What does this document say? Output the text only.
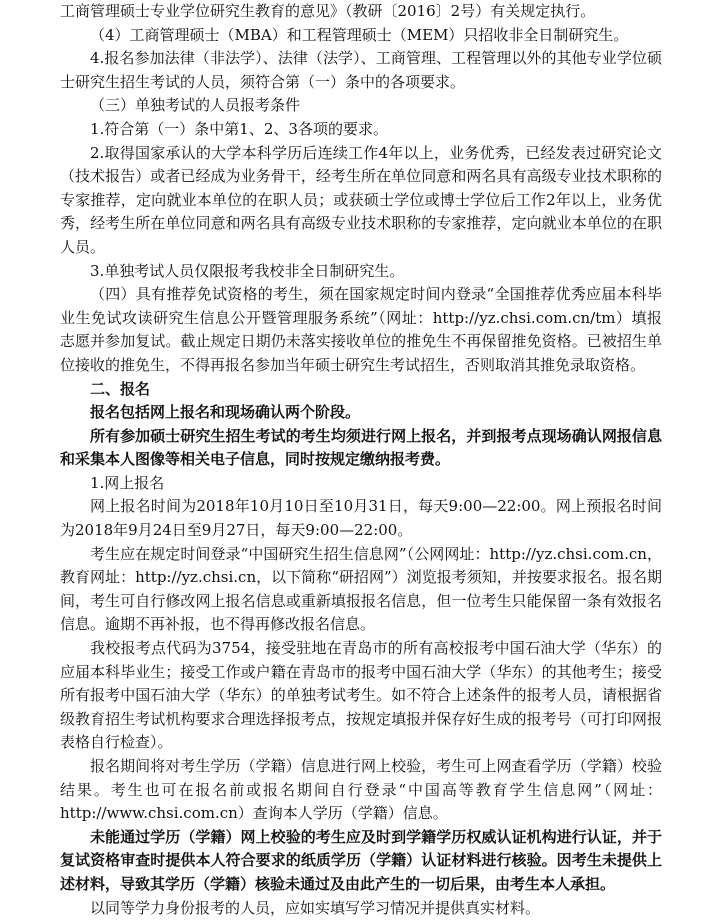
工商管理硕士专业学位研究生教育的意见》（教研〔2016〕2号）有关规定执行。

（4）工商管理硕士（MBA）和工程管理硕士（MEM）只招收非全日制研究生。

4.报名参加法律（非法学）、法律（法学）、工商管理、工程管理以外的其他专业学位硕士研究生招生考试的人员，须符合第（一）条中的各项要求。

（三）单独考试的人员报考条件

1.符合第（一）条中第1、2、3各项的要求。

2.取得国家承认的大学本科学历后连续工作4年以上，业务优秀，已经发表过研究论文（技术报告）或者已经成为业务骨干，经考生所在单位同意和两名具有高级专业技术职称的专家推荐，定向就业本单位的在职人员；或获硕士学位或博士学位后工作2年以上，业务优秀，经考生所在单位同意和两名具有高级专业技术职称的专家推荐，定向就业本单位的在职人员。

3.单独考试人员仅限报考我校非全日制研究生。

（四）具有推荐免试资格的考生，须在国家规定时间内登录“全国推荐优秀应届本科毕业生免试攻读研究生信息公开暨管理服务系统”（网址：http://yz.chsi.com.cn/tm）填报志愿并参加复试。截止规定日期仍未落实接收单位的推免生不再保留推免资格。已被招生单位接收的推免生，不得再报名参加当年硕士研究生考试招生，否则取消其推免录取资格。

二、报名

报名包括网上报名和现场确认两个阶段。

所有参加硕士研究生招生考试的考生均须进行网上报名，并到报考点现场确认网报信息和采集本人图像等相关电子信息，同时按规定缴纳报考费。

1.网上报名

网上报名时间为2018年10月10日至10月31日，每天9:00—22:00。网上预报名时间为2018年9月24日至9月27日，每天9:00—22:00。

考生应在规定时间登录“中国研究生招生信息网”（公网网址：http://yz.chsi.com.cn，教育网址：http://yz.chsi.cn，以下简称“研招网”）浏览报考须知，并按要求报名。报名期间，考生可自行修改网上报名信息或重新填报报名信息，但一位考生只能保留一条有效报名信息。逾期不再补报，也不得再修改报名信息。

我校报考点代码为3754，接受驻地在青岛市的所有高校报考中国石油大学（华东）的应届本科毕业生；接受工作或户籍在青岛市的报考中国石油大学（华东）的其他考生；接受所有报考中国石油大学（华东）的单独考试考生。如不符合上述条件的报考人员，请根据省级教育招生考试机构要求合理选择报考点，按规定填报并保存好生成的报考号（可打印网报表格自行检查）。

报名期间将对考生学历（学籍）信息进行网上校验，考生可上网查看学历（学籍）校验结果。考生也可在报名前或报名期间自行登录“中国高等教育学生信息网”（网址：http://www.chsi.com.cn）查询本人学历（学籍）信息。

未能通过学历（学籍）网上校验的考生应及时到学籍学历权威认证机构进行认证，并于复试资格审查时提供本人符合要求的纸质学历（学籍）认证材料进行核验。因考生未提供上述材料，导致其学历（学籍）核验未通过及由此产生的一切后果，由考生本人承担。

以同等学力身份报考的人员，应如实填写学习情况并提供真实材料。
